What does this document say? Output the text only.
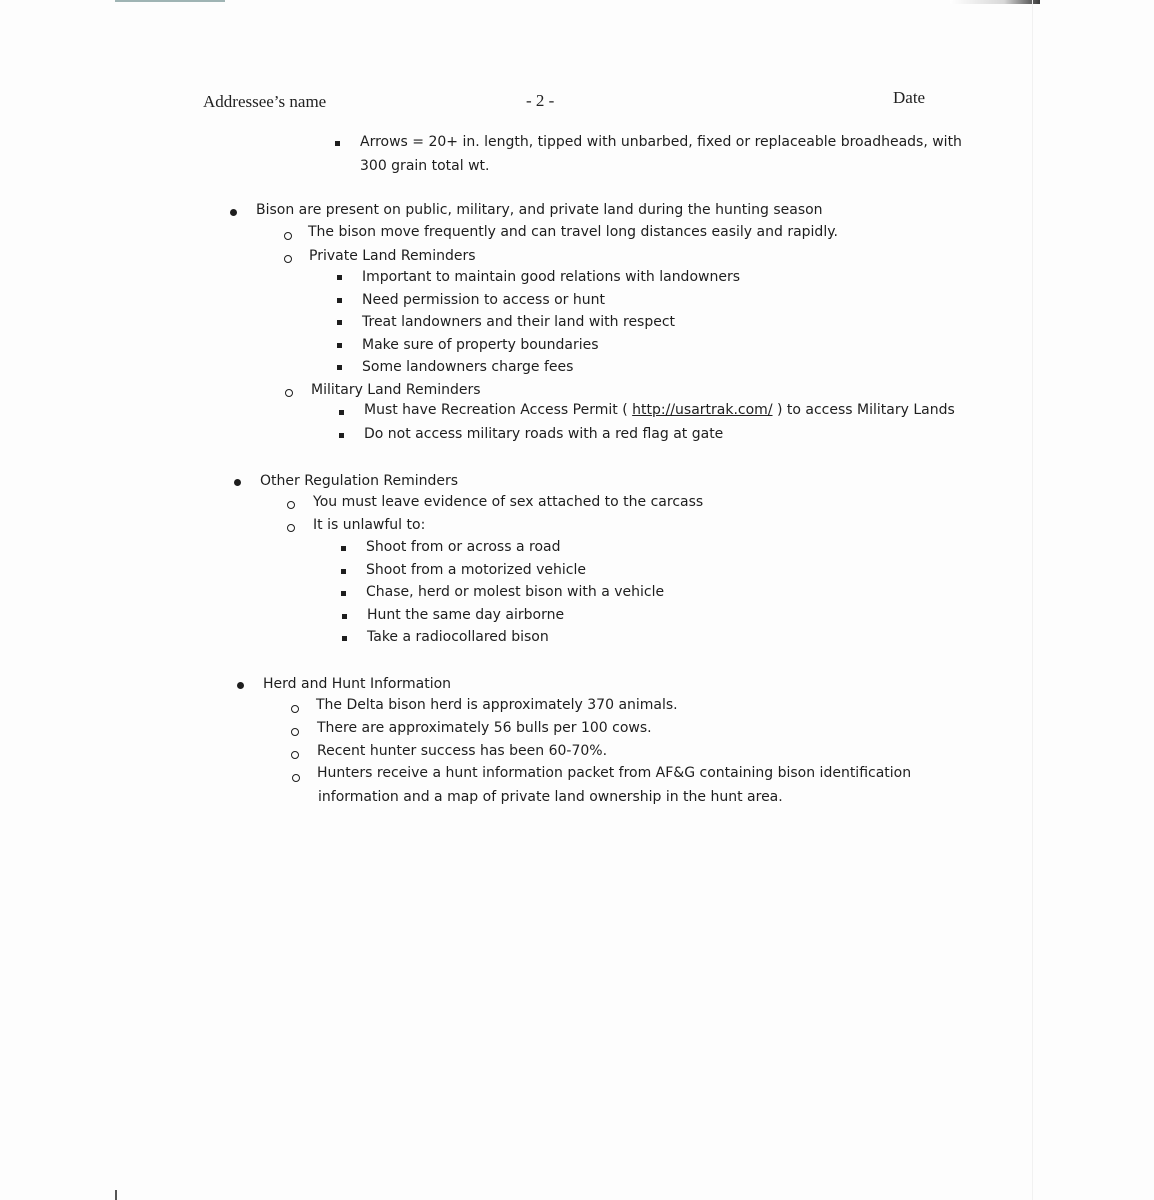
Addressee’s name	- 2 -	Date
Arrows = 20+ in. length, tipped with unbarbed, fixed or replaceable broadheads, with
300 grain total wt.
Bison are present on public, military, and private land during the hunting season
The bison move frequently and can travel long distances easily and rapidly.
Private Land Reminders
Important to maintain good relations with landowners
Need permission to access or hunt
Treat landowners and their land with respect
Make sure of property boundaries
Some landowners charge fees
Military Land Reminders
Must have Recreation Access Permit ( http://usartrak.com/ ) to access Military Lands
Do not access military roads with a red flag at gate
Other Regulation Reminders
You must leave evidence of sex attached to the carcass
It is unlawful to:
Shoot from or across a road
Shoot from a motorized vehicle
Chase, herd or molest bison with a vehicle
Hunt the same day airborne
Take a radiocollared bison
Herd and Hunt Information
The Delta bison herd is approximately 370 animals.
There are approximately 56 bulls per 100 cows.
Recent hunter success has been 60-70%.
Hunters receive a hunt information packet from AF&G containing bison identification
information and a map of private land ownership in the hunt area.
